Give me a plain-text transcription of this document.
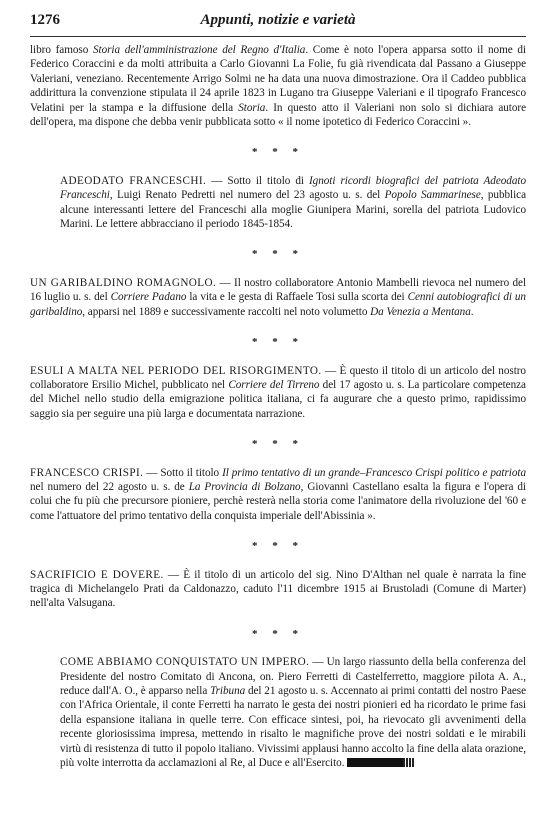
1276	Appunti, notizie e varietà

libro famoso Storia dell'amministrazione del Regno d'Italia. Come è noto l'opera apparsa sotto il nome di Federico Coraccini e da molti attribuita a Carlo Giovanni La Folie, fu già rivendicata dal Passano a Giuseppe Valeriani, veneziano. Recentemente Arrigo Solmi ne ha data una nuova dimostrazione. Ora il Caddeo pubblica addirittura la convenzione stipulata il 24 aprile 1823 in Lugano tra Giuseppe Valeriani e il tipografo Francesco Velatini per la stampa e la diffusione della Storia. In questo atto il Valeriani non solo si dichiara autore dell'opera, ma dispone che debba venir pubblicata sotto « il nome ipotetico di Federico Coraccini ».

* * *

ADEODATO FRANCESCHI. — Sotto il titolo di Ignoti ricordi biografici del patriota Adeodato Franceschi, Luigi Renato Pedretti nel numero del 23 agosto u. s. del Popolo Sammarinese, pubblica alcune interessanti lettere del Franceschi alla moglie Giunipera Marini, sorella del patriota Ludovico Marini. Le lettere abbracciano il periodo 1845-1854.

* * *

UN GARIBALDINO ROMAGNOLO. — Il nostro collaboratore Antonio Mambelli rievoca nel numero del 16 luglio u. s. del Corriere Padano la vita e le gesta di Raffaele Tosi sulla scorta dei Cenni autobiografici di un garibaldino, apparsi nel 1889 e successivamente raccolti nel noto volumetto Da Venezia a Mentana.

* * *

ESULI A MALTA NEL PERIODO DEL RISORGIMENTO. — È questo il titolo di un articolo del nostro collaboratore Ersilio Michel, pubblicato nel Corriere del Tirreno del 17 agosto u. s. La particolare competenza del Michel nello studio della emigrazione politica italiana, ci fa augurare che a questo primo, rapidissimo saggio sia per seguire una più larga e documentata narrazione.

* * *

FRANCESCO CRISPI. — Sotto il titolo Il primo tentativo di un grande–Francesco Crispi politico e patriota nel numero del 22 agosto u. s. de La Provincia di Bolzano, Giovanni Castellano esalta la figura e l'opera di colui che fu più che precursore pioniere, perchè resterà nella storia come l'animatore della rivoluzione del '60 e come l'attuatore del primo tentativo della conquista imperiale dell'Abissinia ».

* * *

SACRIFICIO E DOVERE. — È il titolo di un articolo del sig. Nino D'Althan nel quale è narrata la fine tragica di Michelangelo Prati da Caldonazzo, caduto l'11 dicembre 1915 ai Brustoladi (Comune di Marter) nell'alta Valsugana.

* * *

COME ABBIAMO CONQUISTATO UN IMPERO. — Un largo riassunto della bella conferenza del Presidente del nostro Comitato di Ancona, on. Piero Ferretti di Castelferretto, maggiore pilota A. A., reduce dall'A. O., è apparso nella Tribuna del 21 agosto u. s. Accennato ai primi contatti del nostro Paese con l'Africa Orientale, il conte Ferretti ha narrato le gesta dei nostri pionieri ed ha ricordato le prime fasi della espansione italiana in quelle terre. Con efficace sintesi, poi, ha rievocato gli avvenimenti della recente gloriosissima impresa, mettendo in risalto le magnifiche prove dei nostri soldati e le mirabili virtù di resistenza di tutto il popolo italiano. Vivissimi applausi hanno accolto la fine della alata orazione, più volte interrotta da acclamazioni al Re, al Duce e all'Esercito.
